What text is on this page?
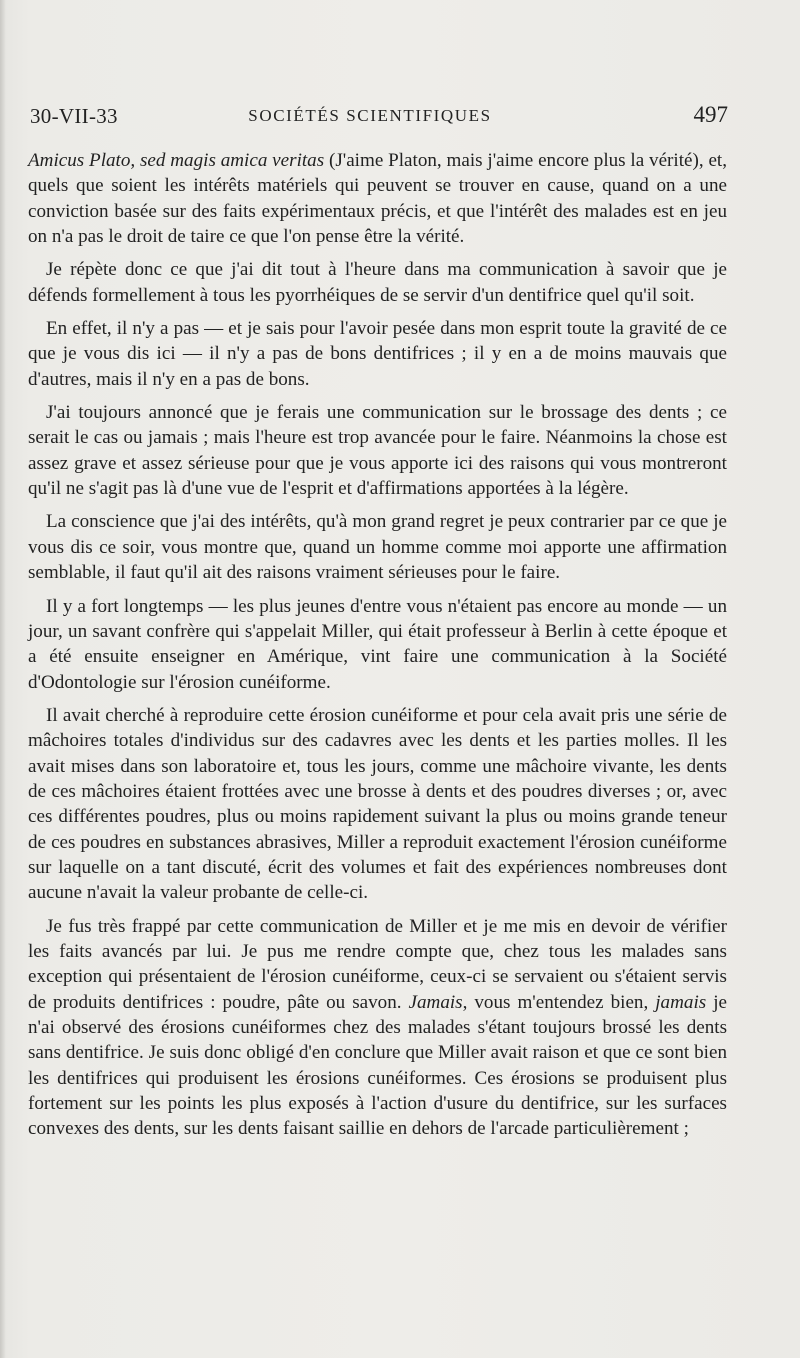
30-VII-33	SOCIÉTÉS SCIENTIFIQUES	497

Amicus Plato, sed magis amica veritas (J'aime Platon, mais j'aime encore plus la vérité), et, quels que soient les intérêts matériels qui peuvent se trouver en cause, quand on a une conviction basée sur des faits expérimentaux précis, et que l'intérêt des malades est en jeu on n'a pas le droit de taire ce que l'on pense être la vérité.

Je répète donc ce que j'ai dit tout à l'heure dans ma communication à savoir que je défends formellement à tous les pyorrhéiques de se servir d'un dentifrice quel qu'il soit.

En effet, il n'y a pas — et je sais pour l'avoir pesée dans mon esprit toute la gravité de ce que je vous dis ici — il n'y a pas de bons dentifrices ; il y en a de moins mauvais que d'autres, mais il n'y en a pas de bons.

J'ai toujours annoncé que je ferais une communication sur le brossage des dents ; ce serait le cas ou jamais ; mais l'heure est trop avancée pour le faire. Néanmoins la chose est assez grave et assez sérieuse pour que je vous apporte ici des raisons qui vous montreront qu'il ne s'agit pas là d'une vue de l'esprit et d'affirmations apportées à la légère.

La conscience que j'ai des intérêts, qu'à mon grand regret je peux contrarier par ce que je vous dis ce soir, vous montre que, quand un homme comme moi apporte une affirmation semblable, il faut qu'il ait des raisons vraiment sérieuses pour le faire.

Il y a fort longtemps — les plus jeunes d'entre vous n'étaient pas encore au monde — un jour, un savant confrère qui s'appelait Miller, qui était professeur à Berlin à cette époque et a été ensuite enseigner en Amérique, vint faire une communication à la Société d'Odontologie sur l'érosion cunéiforme.

Il avait cherché à reproduire cette érosion cunéiforme et pour cela avait pris une série de mâchoires totales d'individus sur des cadavres avec les dents et les parties molles. Il les avait mises dans son laboratoire et, tous les jours, comme une mâchoire vivante, les dents de ces mâchoires étaient frottées avec une brosse à dents et des poudres diverses ; or, avec ces différentes poudres, plus ou moins rapidement suivant la plus ou moins grande teneur de ces poudres en substances abrasives, Miller a reproduit exactement l'érosion cunéiforme sur laquelle on a tant discuté, écrit des volumes et fait des expériences nombreuses dont aucune n'avait la valeur probante de celle-ci.

Je fus très frappé par cette communication de Miller et je me mis en devoir de vérifier les faits avancés par lui. Je pus me rendre compte que, chez tous les malades sans exception qui présentaient de l'érosion cunéiforme, ceux-ci se servaient ou s'étaient servis de produits dentifrices : poudre, pâte ou savon. Jamais, vous m'entendez bien, jamais je n'ai observé des érosions cunéiformes chez des malades s'étant toujours brossé les dents sans dentifrice. Je suis donc obligé d'en conclure que Miller avait raison et que ce sont bien les dentifrices qui produisent les érosions cunéiformes. Ces érosions se produisent plus fortement sur les points les plus exposés à l'action d'usure du dentifrice, sur les surfaces convexes des dents, sur les dents faisant saillie en dehors de l'arcade particulièrement ;
